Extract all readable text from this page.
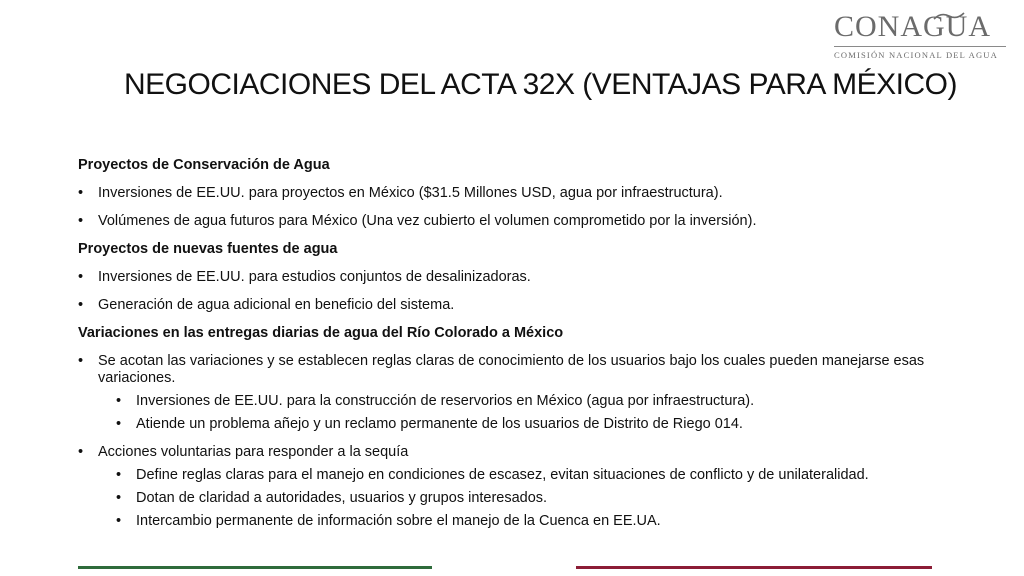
CONAGUA
COMISIÓN NACIONAL DEL AGUA
NEGOCIACIONES DEL ACTA 32X (VENTAJAS PARA MÉXICO)
Proyectos de Conservación de Agua
• Inversiones de EE.UU. para proyectos en México ($31.5 Millones USD, agua por infraestructura).
• Volúmenes de agua futuros para México (Una vez cubierto el volumen comprometido por la inversión).
Proyectos de nuevas fuentes de agua
• Inversiones de EE.UU. para estudios conjuntos de desalinizadoras.
• Generación de agua adicional en beneficio del sistema.
Variaciones en las entregas diarias de agua del Río Colorado a México
• Se acotan las variaciones y se establecen reglas claras de conocimiento de los usuarios bajo los cuales pueden manejarse esas variaciones.
• Inversiones de EE.UU. para la construcción de reservorios en México (agua por infraestructura).
• Atiende un problema añejo y un reclamo permanente de los usuarios de Distrito de Riego 014.
• Acciones voluntarias para responder a la sequía
• Define reglas claras para el manejo en condiciones de escasez, evitan situaciones de conflicto y de unilateralidad.
• Dotan de claridad a autoridades, usuarios y grupos interesados.
• Intercambio permanente de información sobre el manejo de la Cuenca en EE.UA.
